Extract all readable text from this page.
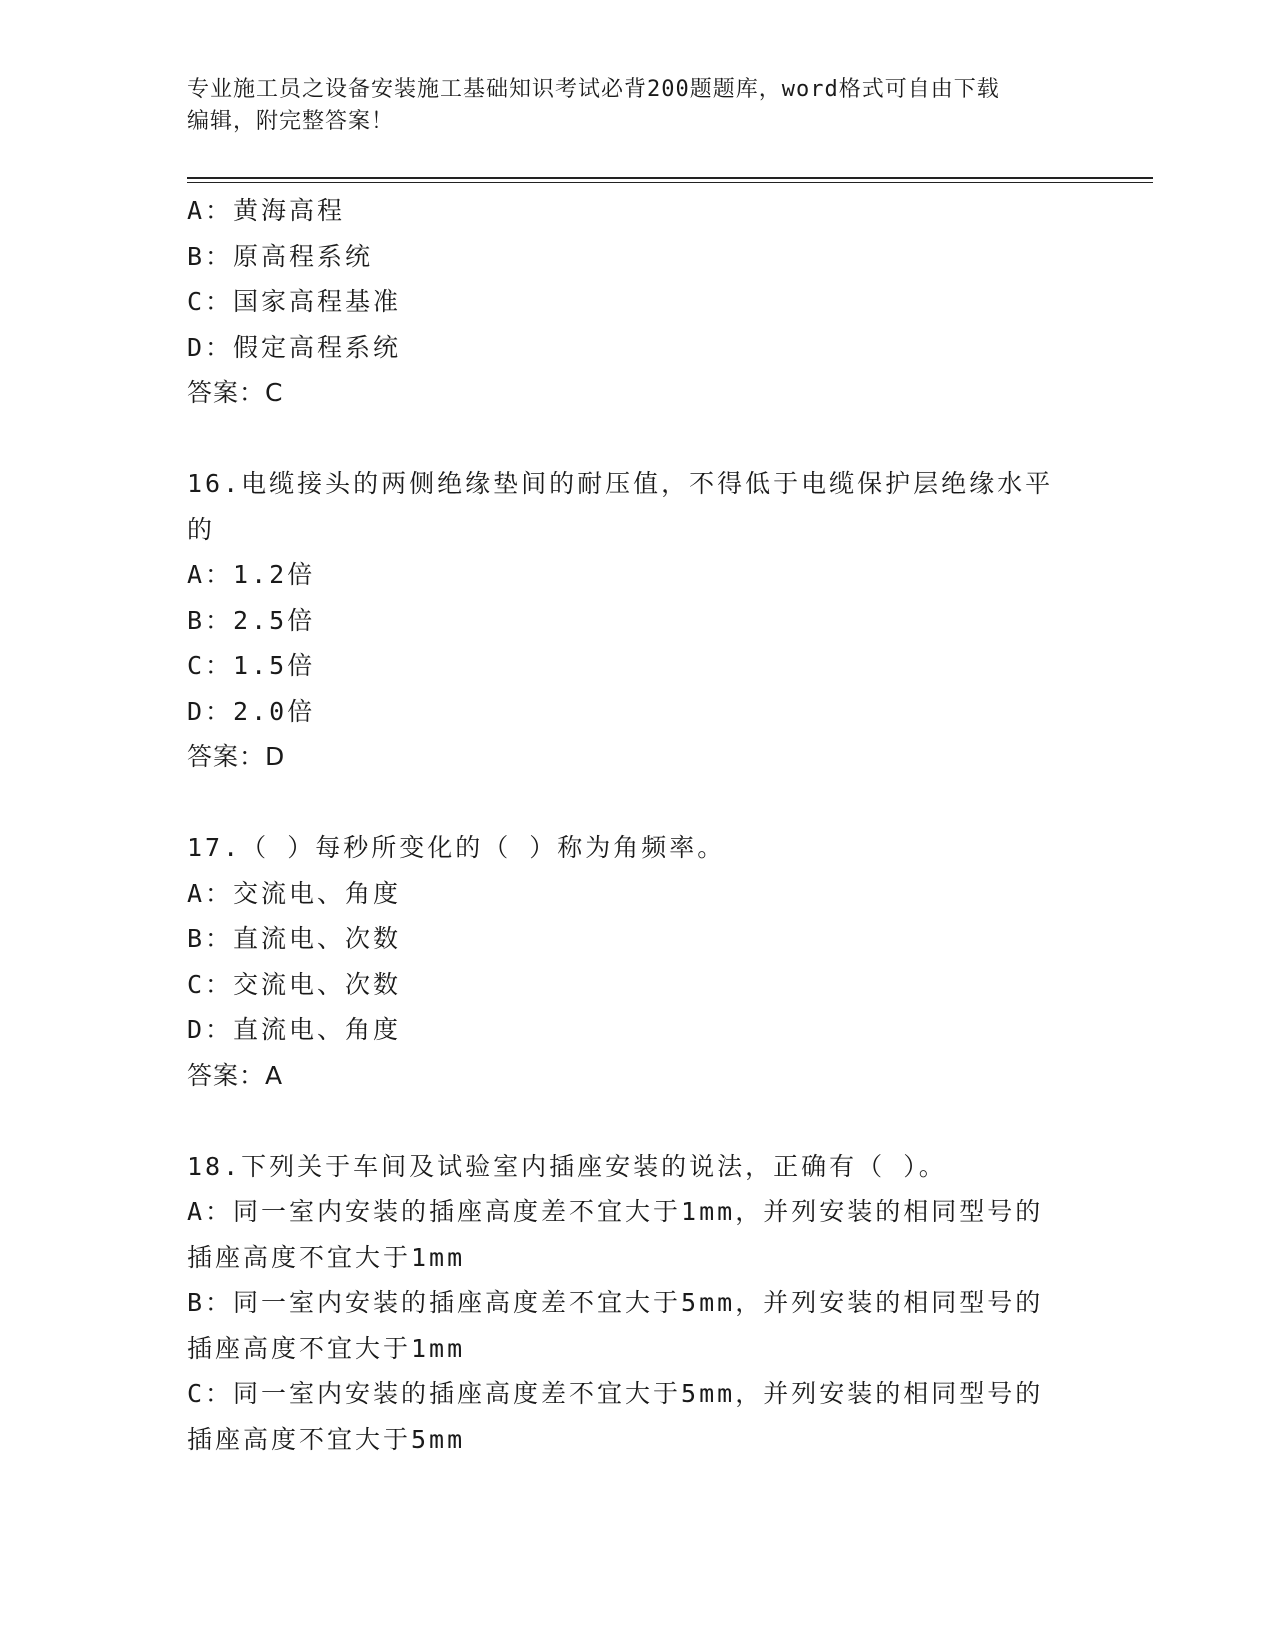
专业施工员之设备安装施工基础知识考试必背200题题库，word格式可自由下载
编辑，附完整答案！
A：黄海高程
B：原高程系统
C：国家高程基准
D：假定高程系统
答案：C
16.电缆接头的两侧绝缘垫间的耐压值，不得低于电缆保护层绝缘水平
的
A：1.2倍
B：2.5倍
C：1.5倍
D：2.0倍
答案：D
17.（ ）每秒所变化的（ ）称为角频率。
A：交流电、角度
B：直流电、次数
C：交流电、次数
D：直流电、角度
答案：A
18.下列关于车间及试验室内插座安装的说法，正确有（ ）。
A：同一室内安装的插座高度差不宜大于1mm，并列安装的相同型号的
插座高度不宜大于1mm
B：同一室内安装的插座高度差不宜大于5mm，并列安装的相同型号的
插座高度不宜大于1mm
C：同一室内安装的插座高度差不宜大于5mm，并列安装的相同型号的
插座高度不宜大于5mm
